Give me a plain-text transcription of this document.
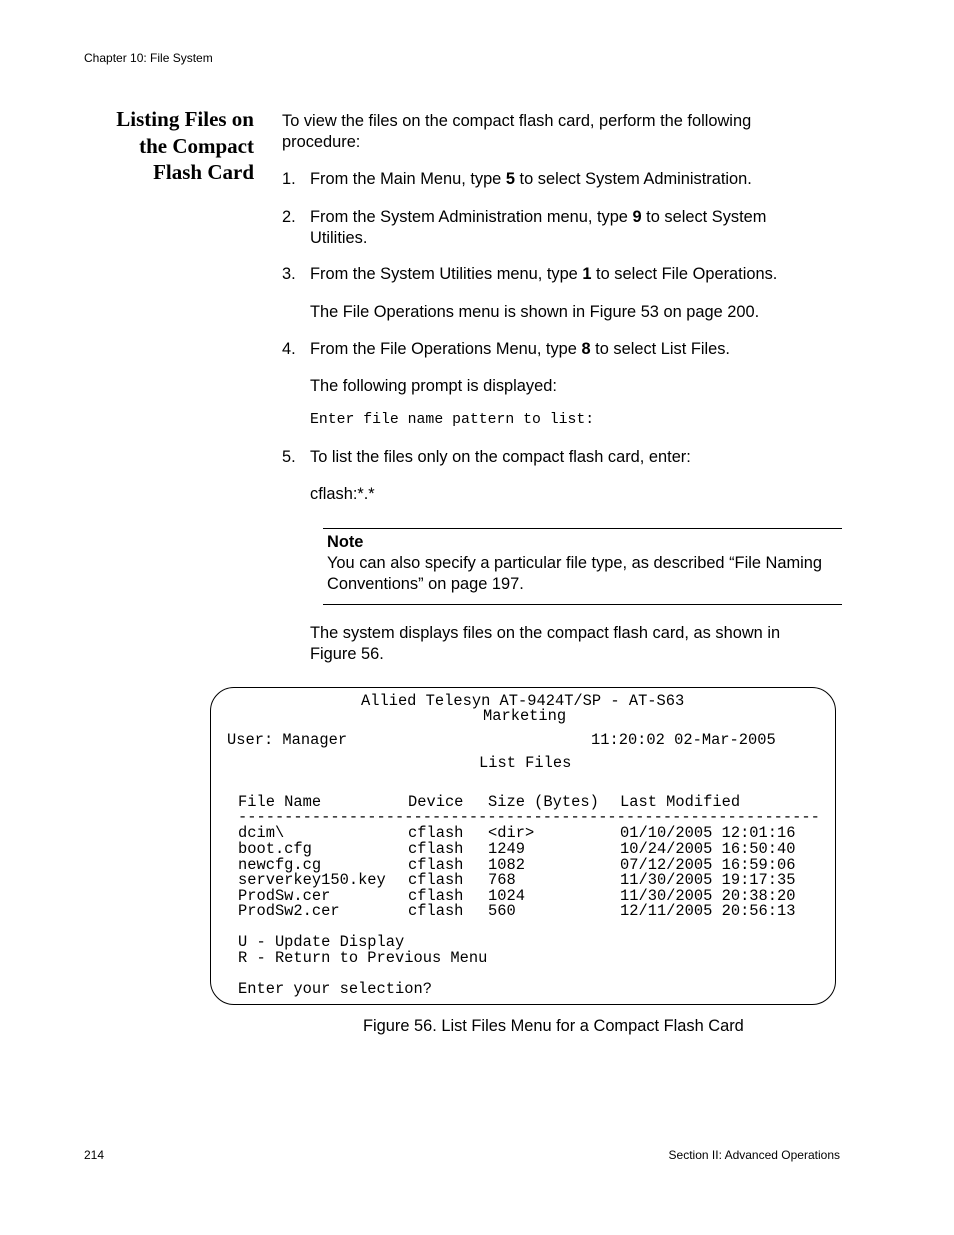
Chapter 10: File System
Listing Files on
the Compact
Flash Card
To view the files on the compact flash card, perform the following procedure:
1. From the Main Menu, type 5 to select System Administration.
2. From the System Administration menu, type 9 to select System Utilities.
3. From the System Utilities menu, type 1 to select File Operations.
The File Operations menu is shown in Figure 53 on page 200.
4. From the File Operations Menu, type 8 to select List Files.
The following prompt is displayed:
Enter file name pattern to list:
5. To list the files only on the compact flash card, enter:
cflash:*.*
Note
You can also specify a particular file type, as described “File Naming Conventions” on page 197.
The system displays files on the compact flash card, as shown in Figure 56.
Allied Telesyn AT-9424T/SP - AT-S63
Marketing
User: Manager	11:20:02 02-Mar-2005
List Files
File Name	Device Size (Bytes) Last Modified
---------------------------------------------------------------
dcim\	cflash <dir>	01/10/2005 12:01:16
boot.cfg	cflash 1249	10/24/2005 16:50:40
newcfg.cg	cflash 1082	07/12/2005 16:59:06
serverkey150.key cflash 768	11/30/2005 19:17:35
ProdSw.cer	cflash 1024	11/30/2005 20:38:20
ProdSw2.cer	cflash 560	12/11/2005 20:56:13
U - Update Display
R - Return to Previous Menu
Enter your selection?
Figure 56. List Files Menu for a Compact Flash Card
214	Section II: Advanced Operations
